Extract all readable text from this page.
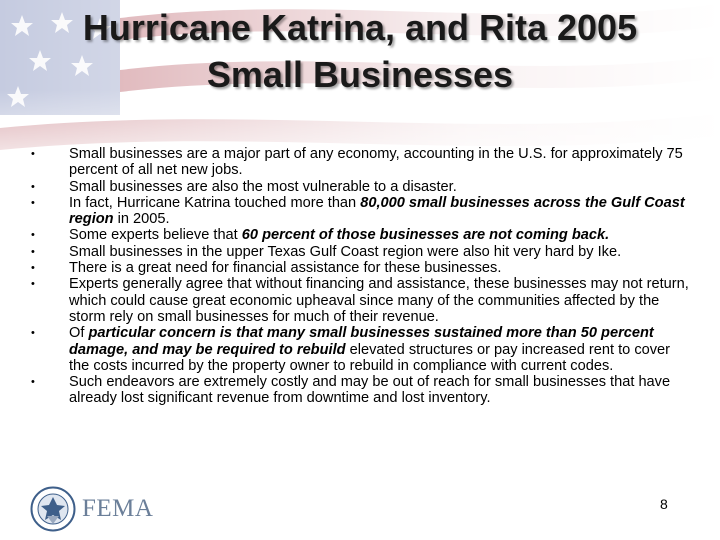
Hurricane Katrina, and Rita 2005
Small Businesses
• Small businesses are a major part of any economy, accounting in the U.S. for approximately 75 percent of all net new jobs.
• Small businesses are also the most vulnerable to a disaster.
• In fact, Hurricane Katrina touched more than 80,000 small businesses across the Gulf Coast region in 2005.
• Some experts believe that 60 percent of those businesses are not coming back.
• Small businesses in the upper Texas Gulf Coast region were also hit very hard by Ike.
• There is a great need for financial assistance for these businesses.
• Experts generally agree that without financing and assistance, these businesses may not return, which could cause great economic upheaval since many of the communities affected by the storm rely on small businesses for much of their revenue.
• Of particular concern is that many small businesses sustained more than 50 percent damage, and may be required to rebuild elevated structures or pay increased rent to cover the costs incurred by the property owner to rebuild in compliance with current codes.
• Such endeavors are extremely costly and may be out of reach for small businesses that have already lost significant revenue from downtime and lost inventory.
FEMA	8
